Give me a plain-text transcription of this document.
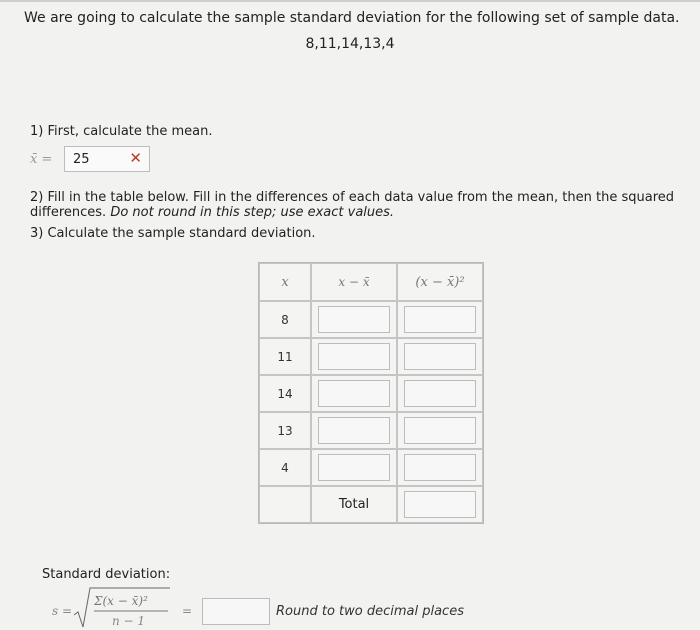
We are going to calculate the sample standard deviation for the following set of sample data.
8,11,14,13,4
1) First, calculate the mean.
x̄ =
25	✕
2) Fill in the table below. Fill in the differences of each data value from the mean, then the squared differences. Do not round in this step; use exact values.
3) Calculate the sample standard deviation.
x	x − x̄	(x − x̄)²
8	

11	

14	

13	

4	

	Total	
Standard deviation:
s =
Σ(x − x̄)²
n − 1
=	Round to two decimal places
